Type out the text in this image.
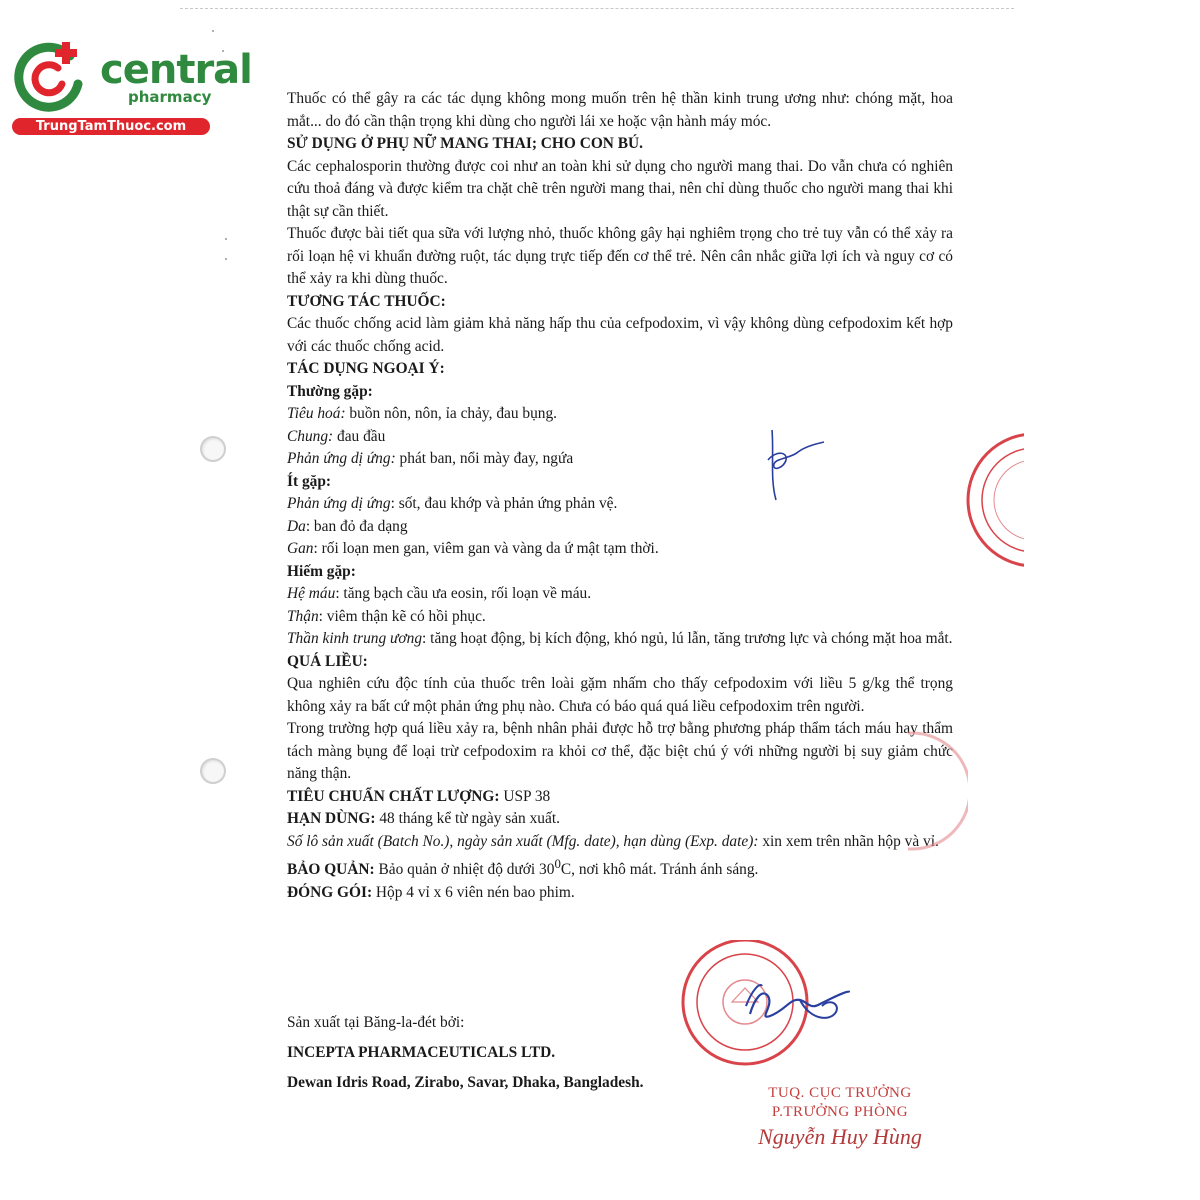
central
pharmacy
TrungTamThuoc.com

Thuốc có thể gây ra các tác dụng không mong muốn trên hệ thần kinh trung ương như: chóng mặt, hoa mắt... do đó cần thận trọng khi dùng cho người lái xe hoặc vận hành máy móc.

SỬ DỤNG Ở PHỤ NỮ MANG THAI; CHO CON BÚ.

Các cephalosporin thường được coi như an toàn khi sử dụng cho người mang thai. Do vẫn chưa có nghiên cứu thoả đáng và được kiểm tra chặt chẽ trên người mang thai, nên chỉ dùng thuốc cho người mang thai khi thật sự cần thiết.

Thuốc được bài tiết qua sữa với lượng nhỏ, thuốc không gây hại nghiêm trọng cho trẻ tuy vẫn có thể xảy ra rối loạn hệ vi khuẩn đường ruột, tác dụng trực tiếp đến cơ thể trẻ. Nên cân nhắc giữa lợi ích và nguy cơ có thể xảy ra khi dùng thuốc.

TƯƠNG TÁC THUỐC:

Các thuốc chống acid làm giảm khả năng hấp thu của cefpodoxim, vì vậy không dùng cefpodoxim kết hợp với các thuốc chống acid.

TÁC DỤNG NGOẠI Ý:

Thường gặp:

Tiêu hoá: buồn nôn, nôn, ỉa chảy, đau bụng.

Chung: đau đầu

Phản ứng dị ứng: phát ban, nổi mày đay, ngứa

Ít gặp:

Phản ứng dị ứng: sốt, đau khớp và phản ứng phản vệ.

Da: ban đỏ đa dạng

Gan: rối loạn men gan, viêm gan và vàng da ứ mật tạm thời.

Hiếm gặp:

Hệ máu: tăng bạch cầu ưa eosin, rối loạn về máu.

Thận: viêm thận kẽ có hồi phục.

Thần kinh trung ương: tăng hoạt động, bị kích động, khó ngủ, lú lẫn, tăng trương lực và chóng mặt hoa mắt.

QUÁ LIỀU:

Qua nghiên cứu độc tính của thuốc trên loài gặm nhấm cho thấy cefpodoxim với liều 5 g/kg thể trọng không xảy ra bất cứ một phản ứng phụ nào. Chưa có báo quá quá liều cefpodoxim trên người.

Trong trường hợp quá liều xảy ra, bệnh nhân phải được hỗ trợ bằng phương pháp thẩm tách máu hay thẩm tách màng bụng để loại trừ cefpodoxim ra khỏi cơ thể, đặc biệt chú ý với những người bị suy giảm chức năng thận.

TIÊU CHUẨN CHẤT LƯỢNG: USP 38

HẠN DÙNG: 48 tháng kể từ ngày sản xuất.

Số lô sản xuất (Batch No.), ngày sản xuất (Mfg. date), hạn dùng (Exp. date): xin xem trên nhãn hộp và vỉ.

BẢO QUẢN: Bảo quản ở nhiệt độ dưới $30^0C$, nơi khô mát. Tránh ánh sáng.

ĐÓNG GÓI: Hộp 4 vỉ x 6 viên nén bao phim.

Sản xuất tại Băng-la-đét bởi:

INCEPTA PHARMACEUTICALS LTD.

Dewan Idris Road, Zirabo, Savar, Dhaka, Bangladesh.

TUQ. CỤC TRƯỞNG
P.TRƯỞNG PHÒNG
Nguyễn Huy Hùng
